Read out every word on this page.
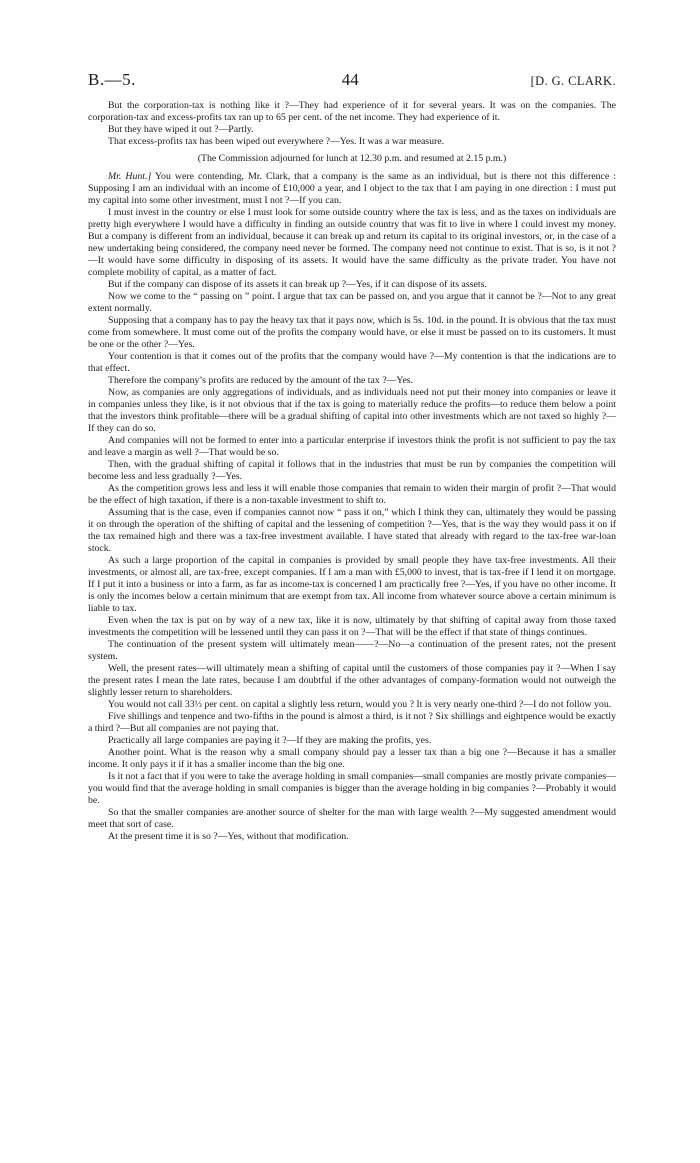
B.—5.	44	[D. G. CLARK.

But the corporation-tax is nothing like it ?—They had experience of it for several years. It was on the companies. The corporation-tax and excess-profits tax ran up to 65 per cent. of the net income. They had experience of it.

But they have wiped it out ?—Partly.

That excess-profits tax has been wiped out everywhere ?—Yes. It was a war measure.

(The Commission adjourned for lunch at 12.30 p.m. and resumed at 2.15 p.m.)

Mr. Hunt.] You were contending, Mr. Clark, that a company is the same as an individual, but is there not this difference : Supposing I am an individual with an income of £10,000 a year, and I object to the tax that I am paying in one direction : I must put my capital into some other investment, must I not ?—If you can.

I must invest in the country or else I must look for some outside country where the tax is less, and as the taxes on individuals are pretty high everywhere I would have a difficulty in finding an outside country that was fit to live in where I could invest my money. But a company is different from an individual, because it can break up and return its capital to its original investors, or, in the case of a new undertaking being considered, the company need never be formed. The company need not continue to exist. That is so, is it not ?—It would have some difficulty in disposing of its assets. It would have the same difficulty as the private trader. You have not complete mobility of capital, as a matter of fact.

But if the company can dispose of its assets it can break up ?—Yes, if it can dispose of its assets.

Now we come to the “ passing on ” point. I argue that tax can be passed on, and you argue that it cannot be ?—Not to any great extent normally.

Supposing that a company has to pay the heavy tax that it pays now, which is 5s. 10d. in the pound. It is obvious that the tax must come from somewhere. It must come out of the profits the company would have, or else it must be passed on to its customers. It must be one or the other ?—Yes.

Your contention is that it comes out of the profits that the company would have ?—My contention is that the indications are to that effect.

Therefore the company’s profits are reduced by the amount of the tax ?—Yes.

Now, as companies are only aggregations of individuals, and as individuals need not put their money into companies or leave it in companies unless they like, is it not obvious that if the tax is going to materially reduce the profits—to reduce them below a point that the investors think profitable—there will be a gradual shifting of capital into other investments which are not taxed so highly ?—If they can do so.

And companies will not be formed to enter into a particular enterprise if investors think the profit is not sufficient to pay the tax and leave a margin as well ?—That would be so.

Then, with the gradual shifting of capital it follows that in the industries that must be run by companies the competition will become less and less gradually ?—Yes.

As the competition grows less and less it will enable those companies that remain to widen their margin of profit ?—That would be the effect of high taxation, if there is a non-taxable investment to shift to.

Assuming that is the case, even if companies cannot now “ pass it on,” which I think they can, ultimately they would be passing it on through the operation of the shifting of capital and the lessening of competition ?—Yes, that is the way they would pass it on if the tax remained high and there was a tax-free investment available. I have stated that already with regard to the tax-free war-loan stock.

As such a large proportion of the capital in companies is provided by small people they have tax-free investments. All their investments, or almost all, are tax-free, except companies. If I am a man with £5,000 to invest, that is tax-free if I lend it on mortgage. If I put it into a business or into a farm, as far as income-tax is concerned I am practically free ?—Yes, if you have no other income. It is only the incomes below a certain minimum that are exempt from tax. All income from whatever source above a certain minimum is liable to tax.

Even when the tax is put on by way of a new tax, like it is now, ultimately by that shifting of capital away from those taxed investments the competition will be lessened until they can pass it on ?—That will be the effect if that state of things continues.

The continuation of the present system will ultimately mean——?—No—a continuation of the present rates, not the present system.

Well, the present rates—will ultimately mean a shifting of capital until the customers of those companies pay it ?—When I say the present rates I mean the late rates, because I am doubtful if the other advantages of company-formation would not outweigh the slightly lesser return to shareholders.

You would not call 33⅓ per cent. on capital a slightly less return, would you ? It is very nearly one-third ?—I do not follow you.

Five shillings and tenpence and two-fifths in the pound is almost a third, is it not ? Six shillings and eightpence would be exactly a third ?—But all companies are not paying that.

Practically all large companies are paying it ?—If they are making the profits, yes.

Another point. What is the reason why a small company should pay a lesser tax than a big one ?—Because it has a smaller income. It only pays it if it has a smaller income than the big one.

Is it not a fact that if you were to take the average holding in small companies—small companies are mostly private companies—you would find that the average holding in small companies is bigger than the average holding in big companies ?—Probably it would be.

So that the smaller companies are another source of shelter for the man with large wealth ?—My suggested amendment would meet that sort of case.

At the present time it is so ?—Yes, without that modification.
